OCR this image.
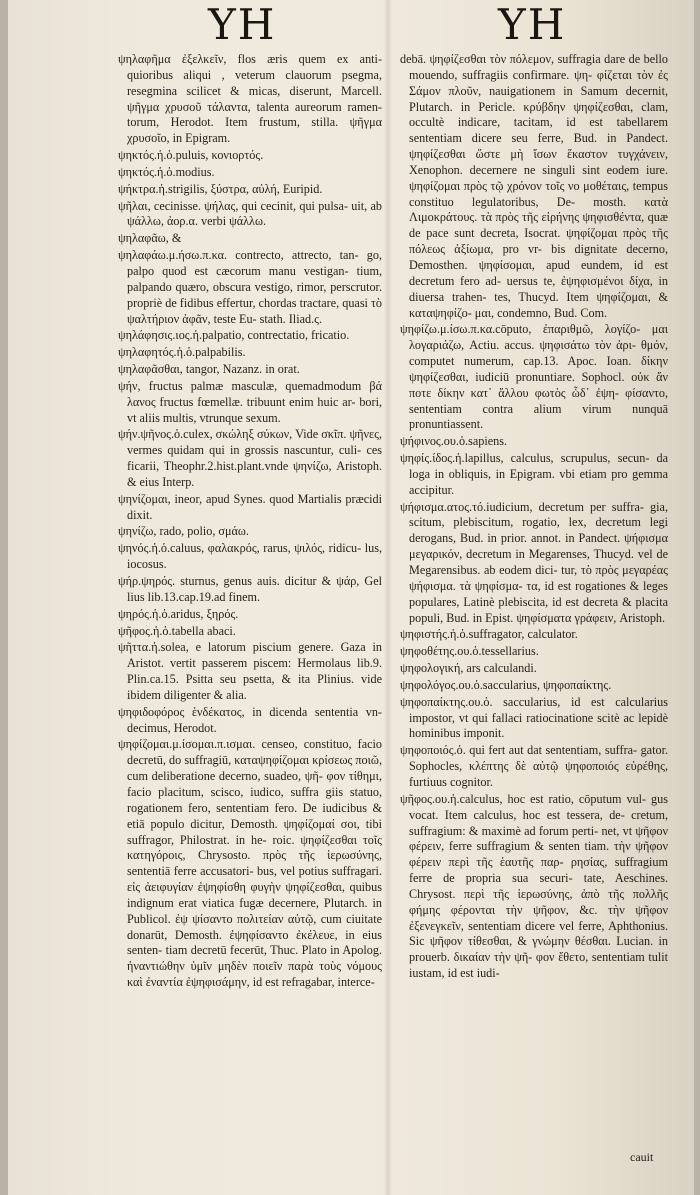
ΥΗ	ΥΗ

ψηλαφῆμα ἐξελκεῖν, flos æris quem ex anti- quioribus aliqui , veterum clauorum psegma, resegmina scilicet & micas, diserunt, Marcell. ψῆγμα χρυσοῦ τάλαντα, talenta aureorum ramen- torum, Herodot. Item frustum, stilla. ψῆγμα χρυσοῖο, in Epigram.

ψηκτός.ἡ.ὁ.puluis, κονιορτός.

ψηκτός.ἡ.ὁ.modius.

ψήκτρα.ἡ.strigilis, ξύστρα, αὐλή, Euripid.

ψῆλαι, cecinisse. ψήλας, qui cecinit, qui pulsa- uit, ab ψάλλω, ἀορ.α. verbi ψάλλω.

ψηλαφᾶω, &

ψηλαφάω.μ.ήσω.π.κα. contrecto, attrecto, tan- go, palpo quod est cæcorum manu vestigan- tium, palpando quæro, obscura vestigo, rimor, perscrutor. propriè de fidibus effertur, chordas tractare, quasi τὸ ψαλτήριον ἀφᾶν, teste Eu- stath. Iliad.ς.

ψηλάφησις.ιος.ἡ.palpatio, contrectatio, fricatio.

ψηλαφητός.ἡ.ὁ.palpabilis.

ψηλαφᾶσθαι, tangor, Nazanz. in orat.

ψήν, fructus palmæ masculæ, quemadmodum βά λανος fructus fœmellæ. tribuunt enim huic ar- bori, vt aliis multis, vtrunque sexum.

ψήν.ψῆνος.ὁ.culex, σκώληξ σύκων, Vide σκῖπ. ψῆνες, vermes quidam qui in grossis nascuntur, culi- ces ficarii, Theophr.2.hist.plant.vnde ψηνίζω, Aristoph. & eius Interp.

ψηνίζομαι, ineor, apud Synes. quod Martialis præcidi dixit.

ψηνίζω, rado, polio, σμάω.

ψηνός.ἡ.ὁ.caluus, φαλακρός, rarus, ψιλός, ridicu- lus, iocosus.

ψήρ.ψηρός. sturnus, genus auis. dicitur & ψάρ, Gel lius lib.13.cap.19.ad finem.

ψηρός.ἡ.ὁ.aridus, ξηρός.

ψῆφος.ἡ.ὁ.tabella abaci.

ψῆττα.ἡ.solea, e latorum piscium genere. Gaza in Aristot. vertit passerem piscem: Hermolaus lib.9. Plin.ca.15. Psitta seu psetta, & ita Plinius. vide ibidem diligenter & alia.

ψηφιδοφόρος ἑνδέκατος, in dicenda sententia vn- decimus, Herodot.

ψηφίζομαι.μ.ίσομαι.π.ισμαι. censeo, constituo, facio decretū, do suffragiū, καταψηφίζομαι κρίσεως ποιῶ, cum deliberatione decerno, suadeo, ψῆ- φον τίθημι, facio placitum, scisco, iudico, suffra giis statuo, rogationem fero, sententiam fero. De iudicibus & etiā populo dicitur, Demosth. ψηφίζομαί σοι, tibi suffragor, Philostrat. in he- roic. ψηφίζεσθαι τοῖς κατηγόροις, Chrysosto. πρὸς τῆς ἱερωσύνης, sententiā ferre accusatori- bus, vel potius suffragari. εἰς ἀειφυγίαν ἐψηφίσθη φυγὴν ψηφίζεσθαι, quibus indignum erat viatica fugæ decernere, Plutarch. in Publicol. ἐψ ψίσαντο πολιτείαν αὐτῷ, cum ciuitate donarūt, Demosth. ἐψηφίσαντο ἐκέλευε, in eius senten- tiam decretū fecerūt, Thuc. Plato in Apolog. ἠναντιώθην ὑμῖν μηδὲν ποιεῖν παρὰ τοὺς νόμους καὶ ἐναντία ἐψηφισάμην, id est refragabar, interce-

debā. ψηφίζεσθαι τὸν πόλεμον, suffragia dare de bello mouendo, suffragiis confirmare. ψη- φίζεται τὸν ἐς Σάμον πλοῦν, nauigationem in Samum decernit, Plutarch. in Pericle. κρύβδην ψηφίζεσθαι, clam, occultè indicare, tacitam, id est tabellarem sententiam dicere seu ferre, Bud. in Pandect. ψηφίζεσθαι ὥστε μὴ ἴσων ἕκαστον τυγχάνειν, Xenophon. decernere ne singuli sint eodem iure. ψηφίζομαι πρὸς τῷ χρόνον τοῖς νο μοθέταις, tempus constituo legulatoribus, De- mosth. κατὰ Λιμοκράτους. τὰ πρὸς τῆς εἰρήνης ψηφισθέντα, quæ de pace sunt decreta, Isocrat. ψηφίζομαι πρὸς τῆς πόλεως ἀξίωμα, pro vr- bis dignitate decerno, Demosthen. ψηφίσομαι, apud eundem, id est decretum fero ad- uersus te, ἐψηφισμένοι δίχα, in diuersa trahen- tes, Thucyd. Item ψηφίζομαι, & καταψηφίζο- μαι, condemno, Bud. Com.

ψηφίζω.μ.ίσω.π.κα.cōputo, ἐπαριθμῶ, λογίζο- μαι λογαριάζω, Actiu. accus. ψηφισάτω τὸν ἀρι- θμόν, computet numerum, cap.13. Apoc. Ioan. δίκην ψηφίζεσθαι, iudiciū pronuntiare. Sophocl. οὐκ ἄν ποτε δίκην κατ᾽ ἄλλου φωτὸς ὧδ᾽ ἐψη- φίσαντο, sententiam contra alium virum nunquā pronuntiassent.

ψήφινος.ου.ὁ.sapiens.

ψηφίς.ίδος.ἡ.lapillus, calculus, scrupulus, secun- da loga in obliquis, in Epigram. vbi etiam pro gemma accipitur.

ψήφισμα.ατος.τό.iudicium, decretum per suffra- gia, scitum, plebiscitum, rogatio, lex, decretum legi derogans, Bud. in prior. annot. in Pandect. ψήφισμα μεγαρικόν, decretum in Megarenses, Thucyd. vel de Megarensibus. ab eodem dici- tur, τὸ πρὸς μεγαρέας ψήφισμα. τὰ ψηφίσμα- τα, id est rogationes & leges populares, Latinè plebiscita, id est decreta & placita populi, Bud. in Epist. ψηφίσματα γράφειν, Aristoph.

ψηφιστής.ἡ.ὁ.suffragator, calculator.

ψηφοθέτης.ου.ὁ.tessellarius.

ψηφολογική, ars calculandi.

ψηφολόγος.ου.ὁ.saccularius, ψηφοπαίκτης.

ψηφοπαίκτης.ου.ὁ. saccularius, id est calcularius impostor, vt qui fallaci ratiocinatione scitè ac lepidè hominibus imponit.

ψηφοποιός.ὁ. qui fert aut dat sententiam, suffra- gator. Sophocles, κλέπτης δὲ αὐτῷ ψηφοποιός εὑρέθης, furtiuus cognitor.

ψῆφος.ου.ἡ.calculus, hoc est ratio, cōputum vul- gus vocat. Item calculus, hoc est tessera, de- cretum, suffragium: & maximè ad forum perti- net, vt ψῆφον φέρειν, ferre suffragium & senten tiam. τὴν ψῆφον φέρειν περὶ τῆς ἑαυτῆς παρ- ρησίας, suffragium ferre de propria sua securi- tate, Aeschines. Chrysost. περὶ τῆς ἱερωσύνης, ἀπὸ τῆς πολλῆς φήμης φέρονται τὴν ψῆφον, &c. τὴν ψῆφον ἐξενεγκεῖν, sententiam dicere vel ferre, Aphthonius. Sic ψῆφον τίθεσθαι, & γνώμην θέσθαι. Lucian. in prouerb. δικαίαν τὴν ψῆ- φον ἔθετο, sententiam tulit iustam, id est iudi-

cauit
